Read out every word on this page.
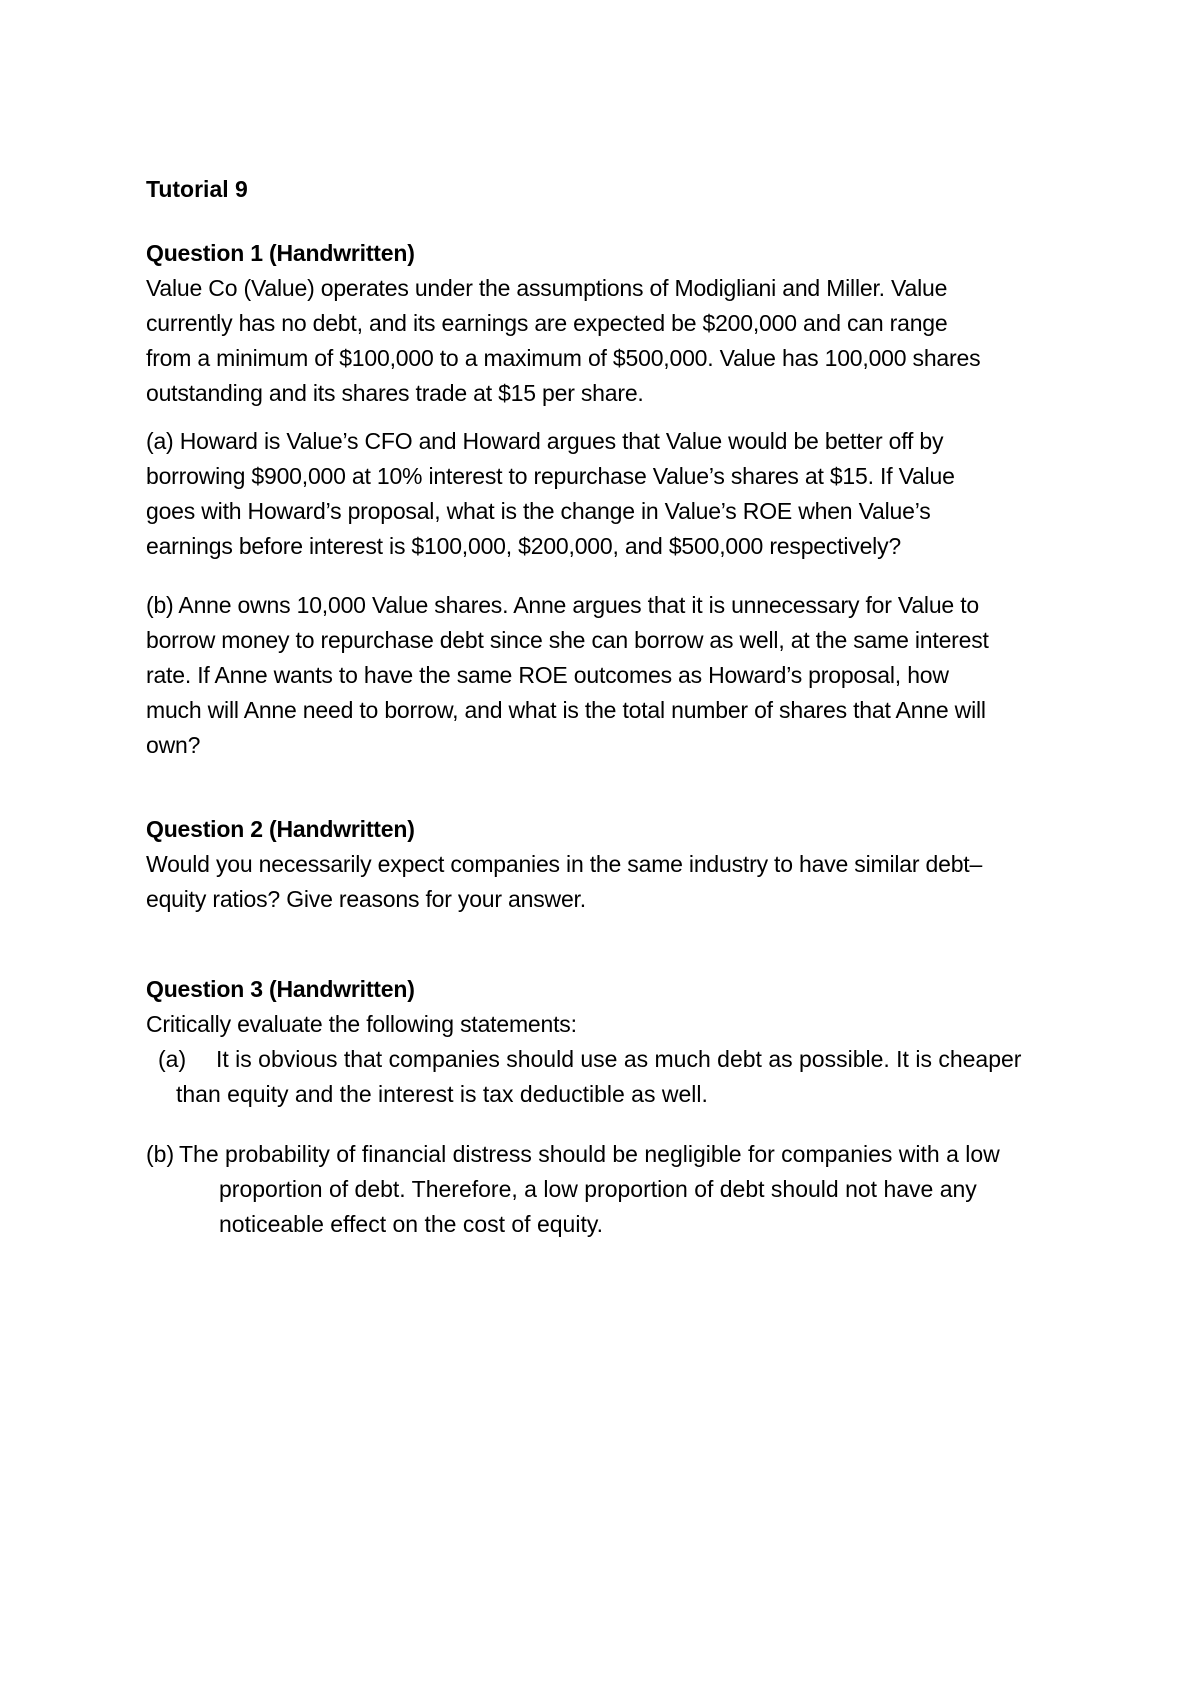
Tutorial 9
Question 1 (Handwritten)
Value Co (Value) operates under the assumptions of Modigliani and Miller. Value currently has no debt, and its earnings are expected be $200,000 and can range from a minimum of $100,000 to a maximum of $500,000. Value has 100,000 shares outstanding and its shares trade at $15 per share.
(a) Howard is Value’s CFO and Howard argues that Value would be better off by borrowing $900,000 at 10% interest to repurchase Value’s shares at $15. If Value goes with Howard’s proposal, what is the change in Value’s ROE when Value’s earnings before interest is $100,000, $200,000, and $500,000 respectively?
(b) Anne owns 10,000 Value shares. Anne argues that it is unnecessary for Value to borrow money to repurchase debt since she can borrow as well, at the same interest rate. If Anne wants to have the same ROE outcomes as Howard’s proposal, how much will Anne need to borrow, and what is the total number of shares that Anne will own?
Question 2 (Handwritten)
Would you necessarily expect companies in the same industry to have similar debt–equity ratios? Give reasons for your answer.
Question 3 (Handwritten)
Critically evaluate the following statements:
(a)	It is obvious that companies should use as much debt as possible. It is cheaper than equity and the interest is tax deductible as well.
(b) The probability of financial distress should be negligible for companies with a low proportion of debt. Therefore, a low proportion of debt should not have any noticeable effect on the cost of equity.
